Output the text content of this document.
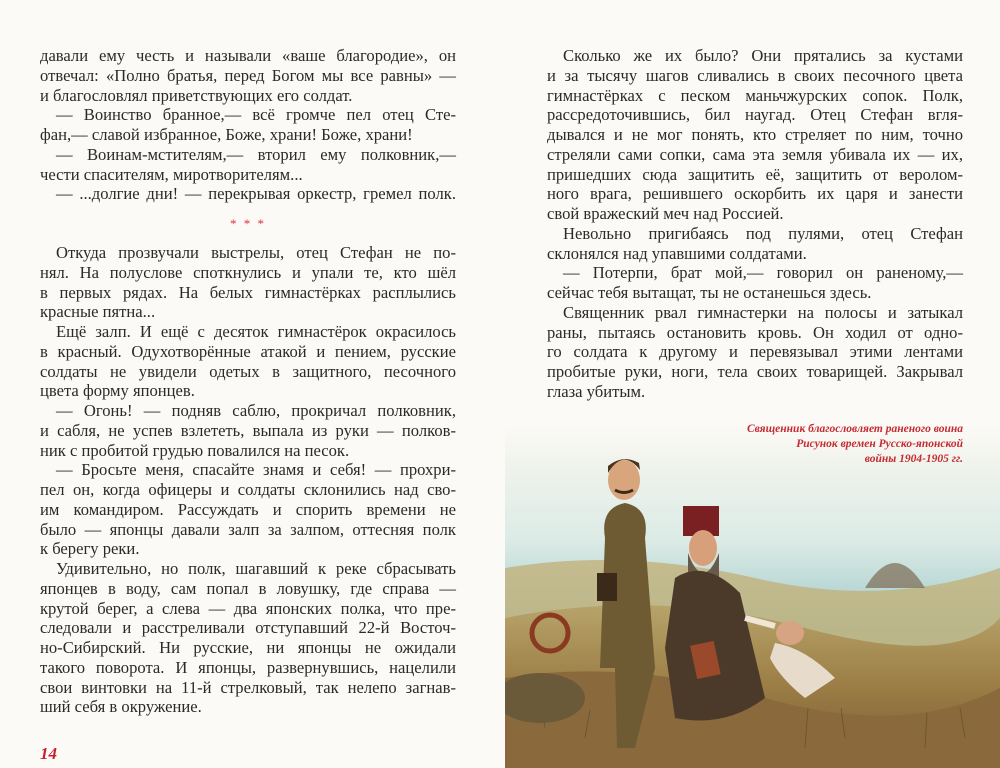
давали ему честь и называли «ваше благородие», он
отвечал: «Полно братья, перед Богом мы все равны» —
и благословлял приветствующих его солдат.
— Воинство бранное,— всё громче пел отец Сте-
фан,— славой избранное, Боже, храни! Боже, храни!
— Воинам-мстителям,— вторил ему полковник,—
чести спасителям, миротворителям...
— ...долгие дни! — перекрывая оркестр, гремел полк.
* * *
Откуда прозвучали выстрелы, отец Стефан не по-
нял. На полуслове споткнулись и упали те, кто шёл
в первых рядах. На белых гимнастёрках расплылись
красные пятна...
Ещё залп. И ещё с десяток гимнастёрок окрасилось
в красный. Одухотворённые атакой и пением, русские
солдаты не увидели одетых в защитного, песочного
цвета форму японцев.
— Огонь! — подняв саблю, прокричал полковник,
и сабля, не успев взлететь, выпала из руки — полков-
ник с пробитой грудью повалился на песок.
— Бросьте меня, спасайте знамя и себя! — прохри-
пел он, когда офицеры и солдаты склонились над сво-
им командиром. Рассуждать и спорить времени не
было — японцы давали залп за залпом, оттесняя полк
к берегу реки.
Удивительно, но полк, шагавший к реке сбрасывать
японцев в воду, сам попал в ловушку, где справа —
крутой берег, а слева — два японских полка, что пре-
следовали и расстреливали отступавший 22-й Восточ-
но-Сибирский. Ни русские, ни японцы не ожидали
такого поворота. И японцы, развернувшись, нацелили
свои винтовки на 11-й стрелковый, так нелепо загнав-
ший себя в окружение.
Сколько же их было? Они прятались за кустами
и за тысячу шагов сливались в своих песочного цвета
гимнастёрках с песком маньчжурских сопок. Полк,
рассредоточившись, бил наугад. Отец Стефан вгля-
дывался и не мог понять, кто стреляет по ним, точно
стреляли сами сопки, сама эта земля убивала их — их,
пришедших сюда защитить её, защитить от веролом-
ного врага, решившего оскорбить их царя и занести
свой вражеский меч над Россией.
Невольно пригибаясь под пулями, отец Стефан
склонялся над упавшими солдатами.
— Потерпи, брат мой,— говорил он раненому,—
сейчас тебя вытащат, ты не останешься здесь.
Священник рвал гимнастерки на полосы и затыкал
раны, пытаясь остановить кровь. Он ходил от одно-
го солдата к другому и перевязывал этими лентами
пробитые руки, ноги, тела своих товарищей. Закрывал
глаза убитым.
Священник благословляет раненого воина
Рисунок времен Русско-японской
войны 1904-1905 гг.
14
